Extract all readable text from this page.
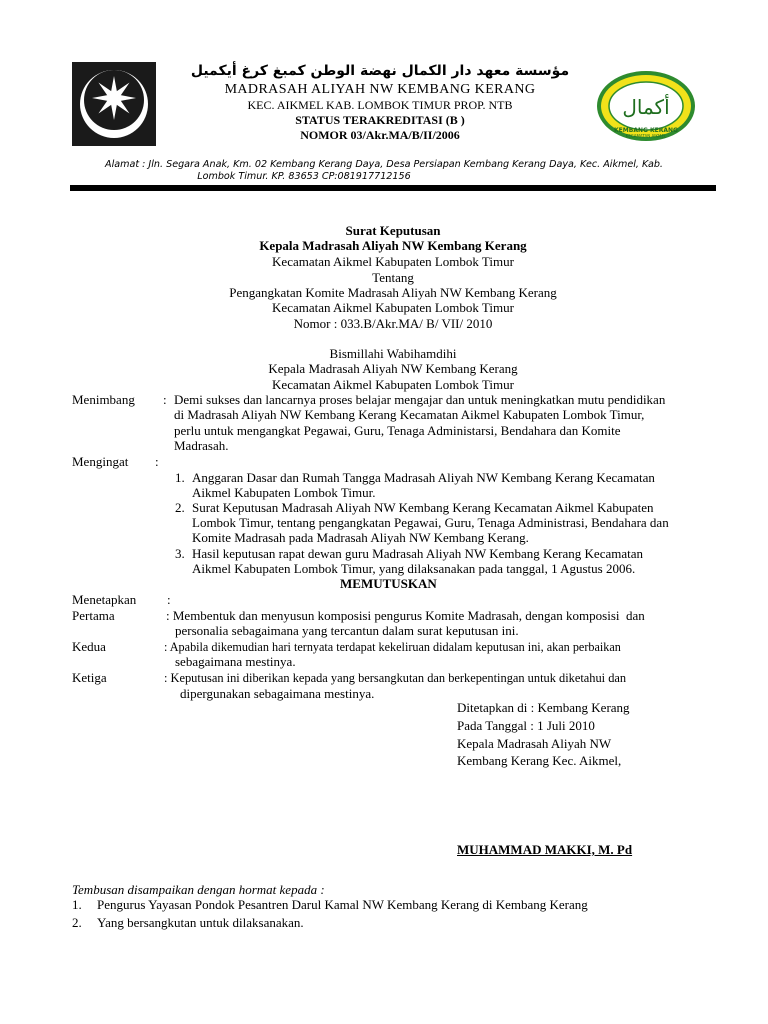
أكمال
KEMBANG KERANG
KECAMATAN AIKMEL
مؤسسة معهد دار الكمال نهضة الوطن كمبغ كرغ أيكميل
MADRASAH ALIYAH NW KEMBANG KERANG
KEC. AIKMEL KAB. LOMBOK TIMUR PROP. NTB
STATUS TERAKREDITASI (B )
NOMOR 03/Akr.MA/B/II/2006
Alamat : Jln. Segara Anak, Km. 02 Kembang Kerang Daya, Desa Persiapan Kembang Kerang Daya, Kec. Aikmel, Kab.
Lombok Timur. KP. 83653 CP:081917712156
Surat Keputusan
Kepala Madrasah Aliyah NW Kembang Kerang
Kecamatan Aikmel Kabupaten Lombok Timur
Tentang
Pengangkatan Komite Madrasah Aliyah NW Kembang Kerang
Kecamatan Aikmel Kabupaten Lombok Timur
Nomor : 033.B/Akr.MA/ B/ VII/ 2010
Bismillahi Wabihamdihi
Kepala Madrasah Aliyah NW Kembang Kerang
Kecamatan Aikmel Kabupaten Lombok Timur
Menimbang : Demi sukses dan lancarnya proses belajar mengajar dan untuk meningkatkan mutu pendidikan
di Madrasah Aliyah NW Kembang Kerang Kecamatan Aikmel Kabupaten Lombok Timur,
perlu untuk mengangkat Pegawai, Guru, Tenaga Administarsi, Bendahara dan Komite
Madrasah.
Mengingat :
1. Anggaran Dasar dan Rumah Tangga Madrasah Aliyah NW Kembang Kerang Kecamatan
Aikmel Kabupaten Lombok Timur.
2. Surat Keputusan Madrasah Aliyah NW Kembang Kerang Kecamatan Aikmel Kabupaten
Lombok Timur, tentang pengangkatan Pegawai, Guru, Tenaga Administrasi, Bendahara dan
Komite Madrasah pada Madrasah Aliyah NW Kembang Kerang.
3. Hasil keputusan rapat dewan guru Madrasah Aliyah NW Kembang Kerang Kecamatan
Aikmel Kabupaten Lombok Timur, yang dilaksanakan pada tanggal, 1 Agustus 2006.
MEMUTUSKAN
Menetapkan :
Pertama	: Membentuk dan menyusun komposisi pengurus Komite Madrasah, dengan komposisi  dan
personalia sebagaimana yang tercantun dalam surat keputusan ini.
Kedua	: Apabila dikemudian hari ternyata terdapat kekeliruan didalam keputusan ini, akan perbaikan
sebagaimana mestinya.
Ketiga	: Keputusan ini diberikan kepada yang bersangkutan dan berkepentingan untuk diketahui dan
dipergunakan sebagaimana mestinya.
Ditetapkan di : Kembang Kerang
Pada Tanggal : 1 Juli 2010
Kepala Madrasah Aliyah NW
Kembang Kerang Kec. Aikmel,
MUHAMMAD MAKKI, M. Pd
Tembusan disampaikan dengan hormat kepada :
1. Pengurus Yayasan Pondok Pesantren Darul Kamal NW Kembang Kerang di Kembang Kerang
2. Yang bersangkutan untuk dilaksanakan.
